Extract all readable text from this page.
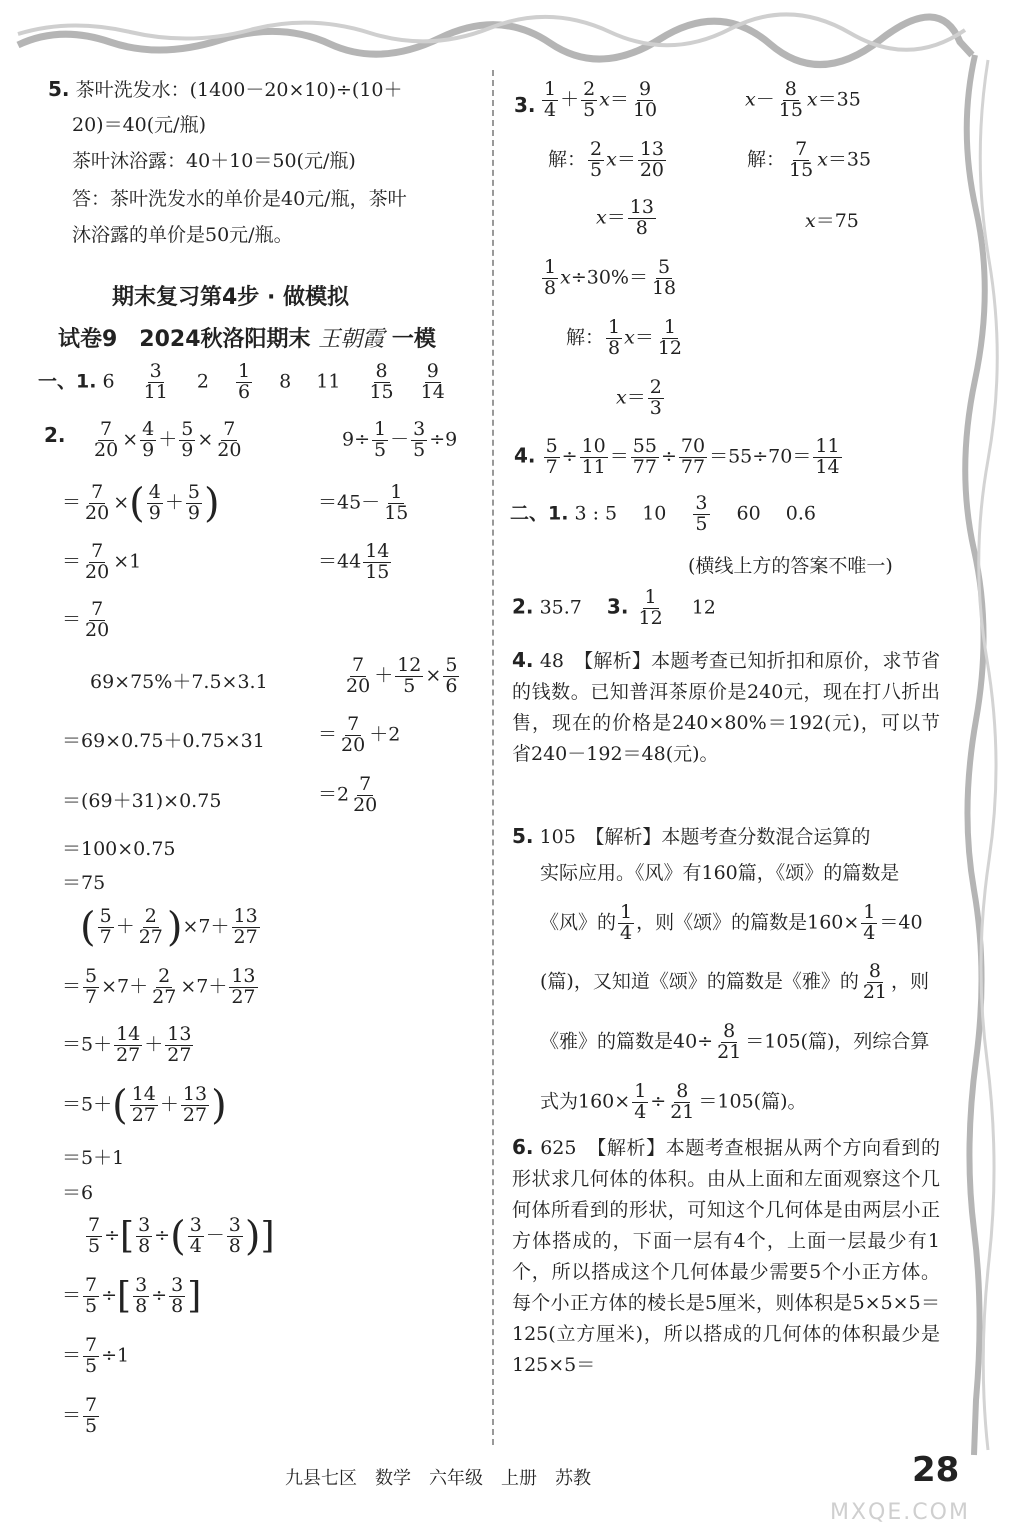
5. 茶叶洗发水：(1400－20×10)÷(10＋
20)＝40(元/瓶)
茶叶沐浴露：40＋10＝50(元/瓶)
答：茶叶洗发水的单价是40元/瓶，茶叶
沐浴露的单价是50元/瓶。
期末复习第4步 · 做模拟
试卷9　2024秋洛阳期末 王朝霞 一模
一、1. 6　 $\frac{3}{11}$ 　 2　 $\frac{1}{6}$ 　 8　 11　 $\frac{8}{15}$
　 $\frac{9}{14}$
2. $\frac{7}{20} \times \frac{4}{9} + \frac{5}{9} \times \frac{7}{20}$
＝ $\frac{7}{20}$ ×( $\frac{4}{9} + \frac{5}{9}$ )
＝ $\frac{7}{20} \times 1$
＝ $\frac{7}{20}$
$9\div \frac{1}{5} - \frac{3}{5} \div 9$
$=45- \frac{1}{15}$
$=44 \frac{14}{15}$
69×75%＋7.5×3.1
＝69×0.75＋0.75×31
＝(69＋31)×0.75
＝100×0.75
＝75
$\frac{7}{20} + \frac{12}{5} \times \frac{5}{6}$
＝ $\frac{7}{20} +2$
$=2 \frac{7}{20}$
( $\frac{5}{7} + \frac{2}{27} )\times 7+ \frac{13}{27}$
＝ $\frac{5}{7} \times 7+ \frac{2}{27} \times 7+ \frac{13}{27}$
$=5+ \frac{14}{27} + \frac{13}{27}$
$=5+( \frac{14}{27} + \frac{13}{27}$ )
＝5＋1
＝6
$\frac{7}{5}$ ÷[ $\frac{3}{8}$ ÷( $\frac{3}{4} - \frac{3}{8}$ )]
＝ $\frac{7}{5}$ ÷[ $\frac{3}{8} \div \frac{3}{8}$ ]
＝ $\frac{7}{5} \div 1$
＝ $\frac{7}{5}$
3. $\frac{1}{4} + \frac{2}{5} x= \frac{9}{10}$
解： $\frac{2}{5} x= \frac{13}{20}$
$x= \frac{13}{8}$
$x- \frac{8}{15} x=35$
解： $\frac{7}{15} x=35$
x＝75
$\frac{1}{8} x\div 30\%= \frac{5}{18}$
解： $\frac{1}{8} x= \frac{1}{12}$
$x= \frac{2}{3}$
4. $\frac{5}{7} \div \frac{10}{11} = \frac{55}{77} \div \frac{70}{77} =55\div 70= \frac{11}{14}$
二、1. 3 : 5　 10　 $\frac{3}{5}$ 　 60　 0.6
(横线上方的答案不唯一)
2. 35.7　 3. $\frac{1}{12}$
　 12
4. 48　【解析】本题考查已知折扣和原价，求节省的钱数。已知普洱茶原价是240元，现在打八折出售，现在的价格是240×80%＝192(元)，可以节省240－192＝48(元)。
5. 105　【解析】本题考查分数混合运算的
实际应用。《风》有160篇，《颂》的篇数是
《风》的 $\frac{1}{4}$ ，则《颂》的篇数是$160\times \frac{1}{4} =40$
(篇)，又知道《颂》的篇数是《雅》的 $\frac{8}{21}$ ，则
《雅》的篇数是$40\div \frac{8}{21} =105$(篇)，列综合算
式为$160\times \frac{1}{4} \div \frac{8}{21} =105$(篇)。
6. 625　【解析】本题考查根据从两个方向看到的形状求几何体的体积。由从上面和左面观察这个几何体所看到的形状，可知这个几何体是由两层小正方体搭成的，下面一层有4个，上面一层最少有1个，所以搭成这个几何体最少需要5个小正方体。每个小正方体的棱长是5厘米，则体积是5×5×5＝125(立方厘米)，所以搭成的几何体的体积最少是125×5＝
九县七区　数学　六年级　上册　苏教	28
MXQE.COM
